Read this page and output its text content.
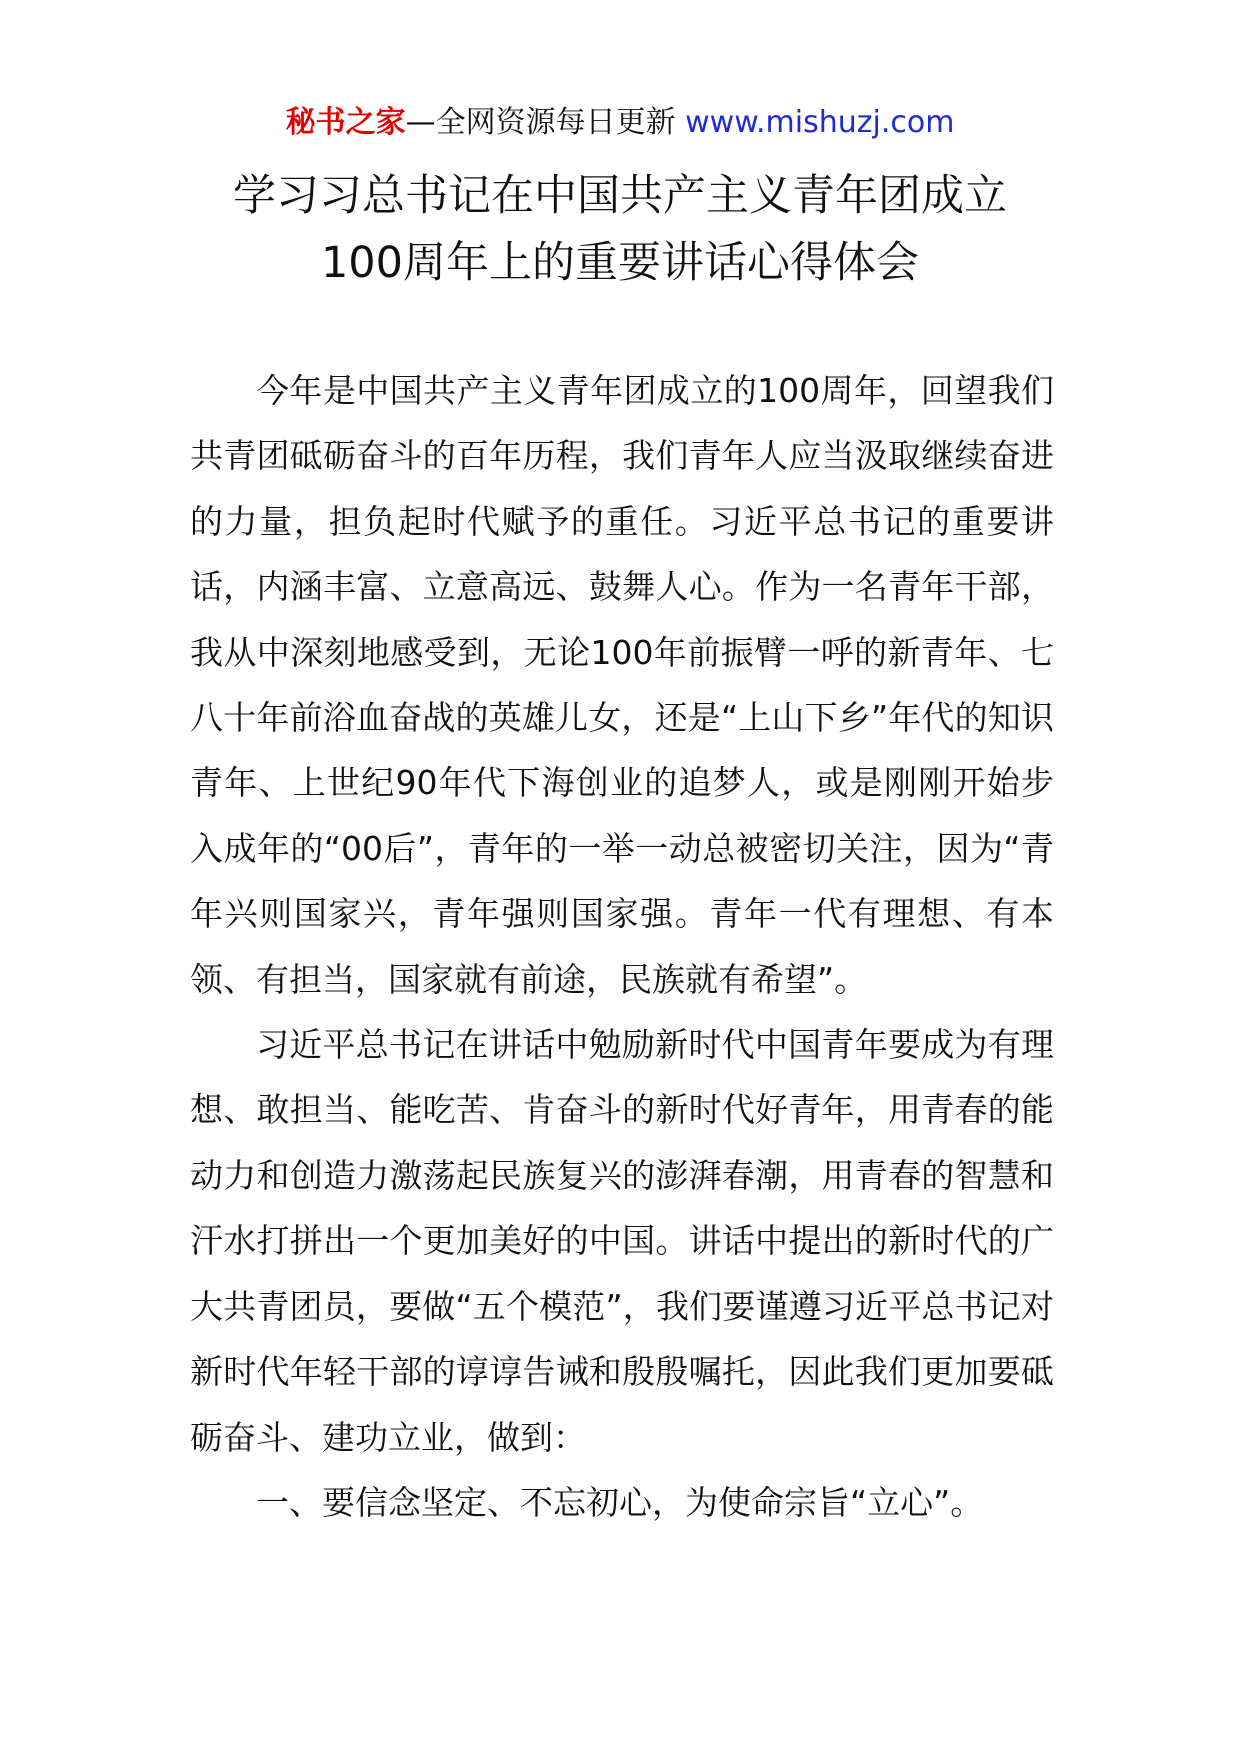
秘书之家—全网资源每日更新 www.mishuzj.com
学习习总书记在中国共产主义青年团成立
100周年上的重要讲话心得体会

今年是中国共产主义青年团成立的100周年，回望我们共青团砥砺奋斗的百年历程，我们青年人应当汲取继续奋进的力量，担负起时代赋予的重任。习近平总书记的重要讲话，内涵丰富、立意高远、鼓舞人心。作为一名青年干部，我从中深刻地感受到，无论100年前振臂一呼的新青年、七八十年前浴血奋战的英雄儿女，还是“上山下乡”年代的知识青年、上世纪90年代下海创业的追梦人，或是刚刚开始步入成年的“00后”，青年的一举一动总被密切关注，因为“青年兴则国家兴，青年强则国家强。青年一代有理想、有本领、有担当，国家就有前途，民族就有希望”。

习近平总书记在讲话中勉励新时代中国青年要成为有理想、敢担当、能吃苦、肯奋斗的新时代好青年，用青春的能动力和创造力激荡起民族复兴的澎湃春潮，用青春的智慧和汗水打拼出一个更加美好的中国。讲话中提出的新时代的广大共青团员，要做“五个模范”，我们要谨遵习近平总书记对新时代年轻干部的谆谆告诫和殷殷嘱托，因此我们更加要砥砺奋斗、建功立业，做到：

一、要信念坚定、不忘初心，为使命宗旨“立心”。
